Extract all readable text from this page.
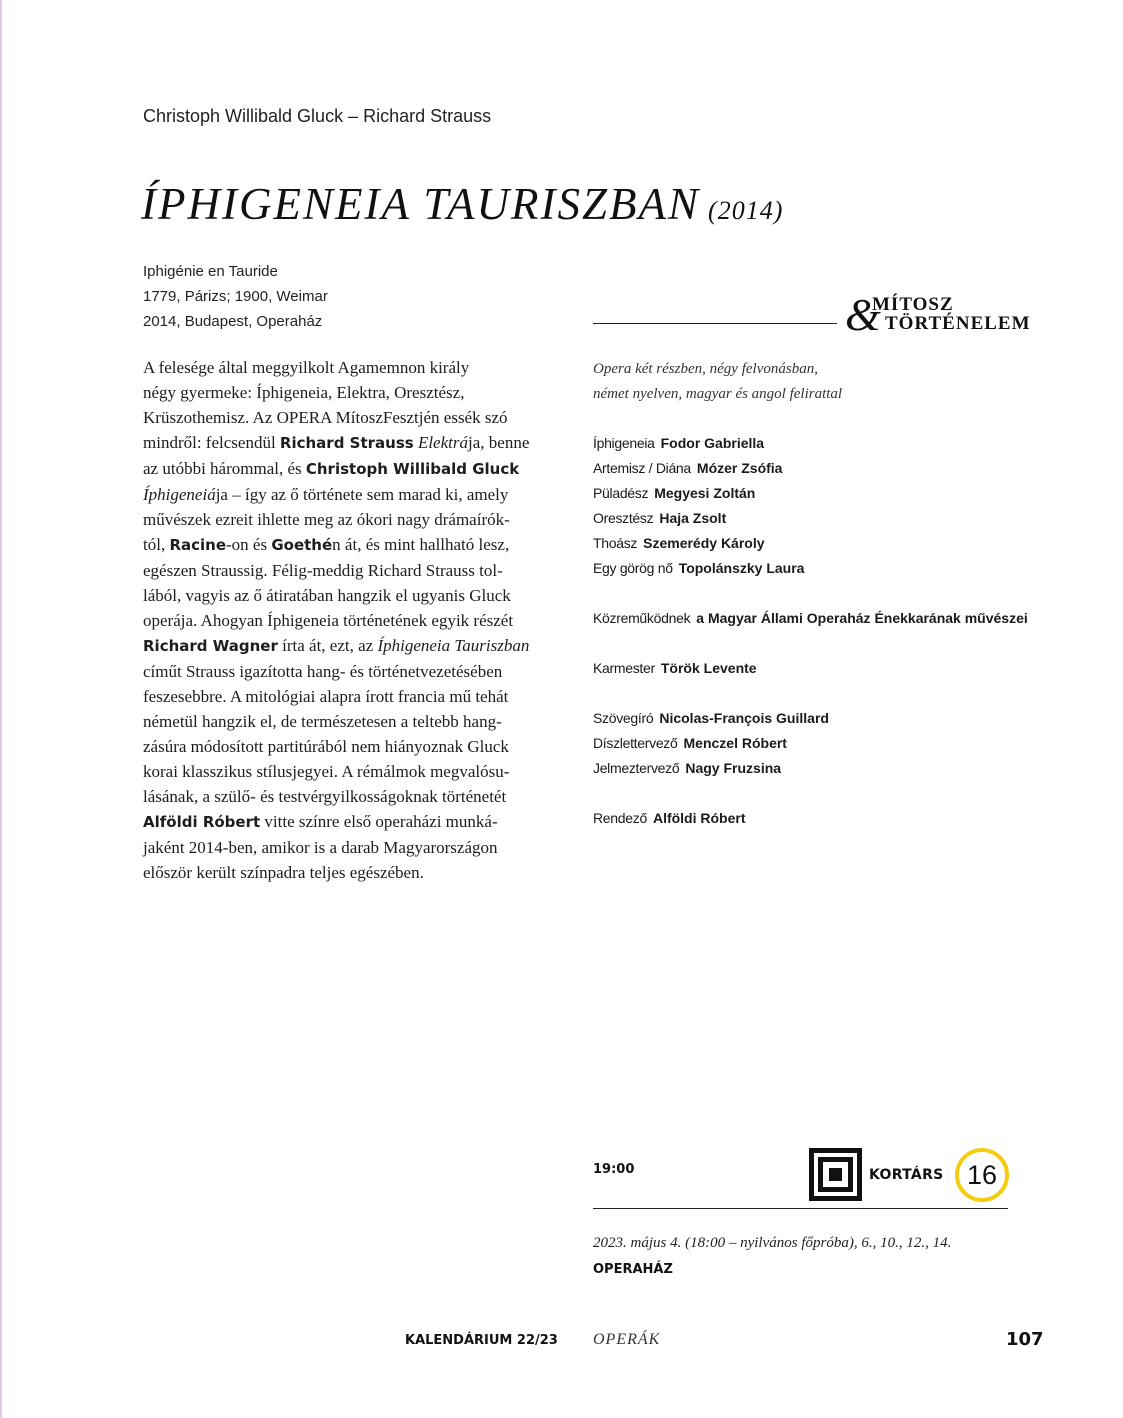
Christoph Willibald Gluck – Richard Strauss
ÍPHIGENEIA TAURISZBAN (2014)
Iphigénie en Tauride
1779, Párizs; 1900, Weimar
2014, Budapest, Operaház	&
MÍTOSZ
TÖRTÉNELEM
A felesége által meggyilkolt Agamemnon király
négy gyermeke: Íphigeneia, Elektra, Oresztész,
Krüszothemisz. Az OPERA MítoszFesztjén essék szó
mindről: felcsendül Richard Strauss Elektrája, benne
az utóbbi hárommal, és Christoph Willibald Gluck
Íphigeneiája – így az ő története sem marad ki, amely
művészek ezreit ihlette meg az ókori nagy drámaírók-
tól, Racine-on és Goethén át, és mint hallható lesz,
egészen Straussig. Félig-meddig Richard Strauss tol-
lából, vagyis az ő átiratában hangzik el ugyanis Gluck
operája. Ahogyan Íphigeneia történetének egyik részét
Richard Wagner írta át, ezt, az Íphigeneia Tauriszban
címűt Strauss igazította hang- és történetvezetésében
feszesebbre. A mitológiai alapra írott francia mű tehát
németül hangzik el, de természetesen a teltebb hang-
zásúra módosított partitúrából nem hiányoznak Gluck
korai klasszikus stílusjegyei. A rémálmok megvalósu-
lásának, a szülő- és testvérgyilkosságoknak történetét
Alföldi Róbert vitte színre első operaházi munká-
jaként 2014-ben, amikor is a darab Magyarországon
először került színpadra teljes egészében.
Opera két részben, négy felvonásban,
német nyelven, magyar és angol felirattal
Íphigeneia Fodor Gabriella
Artemisz / Diána Mózer Zsófia
Püladész Megyesi Zoltán
Oresztész Haja Zsolt
Thoász Szemerédy Károly
Egy görög nő Topolánszky Laura
Közreműködnek a Magyar Állami Operaház Énekkarának művészei
Karmester Török Levente
Szövegíró Nicolas-François Guillard
Díszlettervező Menczel Róbert
Jelmeztervező Nagy Fruzsina
Rendező Alföldi Róbert
19:00	KORTÁRS 16
2023. május 4. (18:00 – nyilvános főpróba), 6., 10., 12., 14.
OPERAHÁZ
KALENDÁRIUM 22/23 OPERÁK	107
